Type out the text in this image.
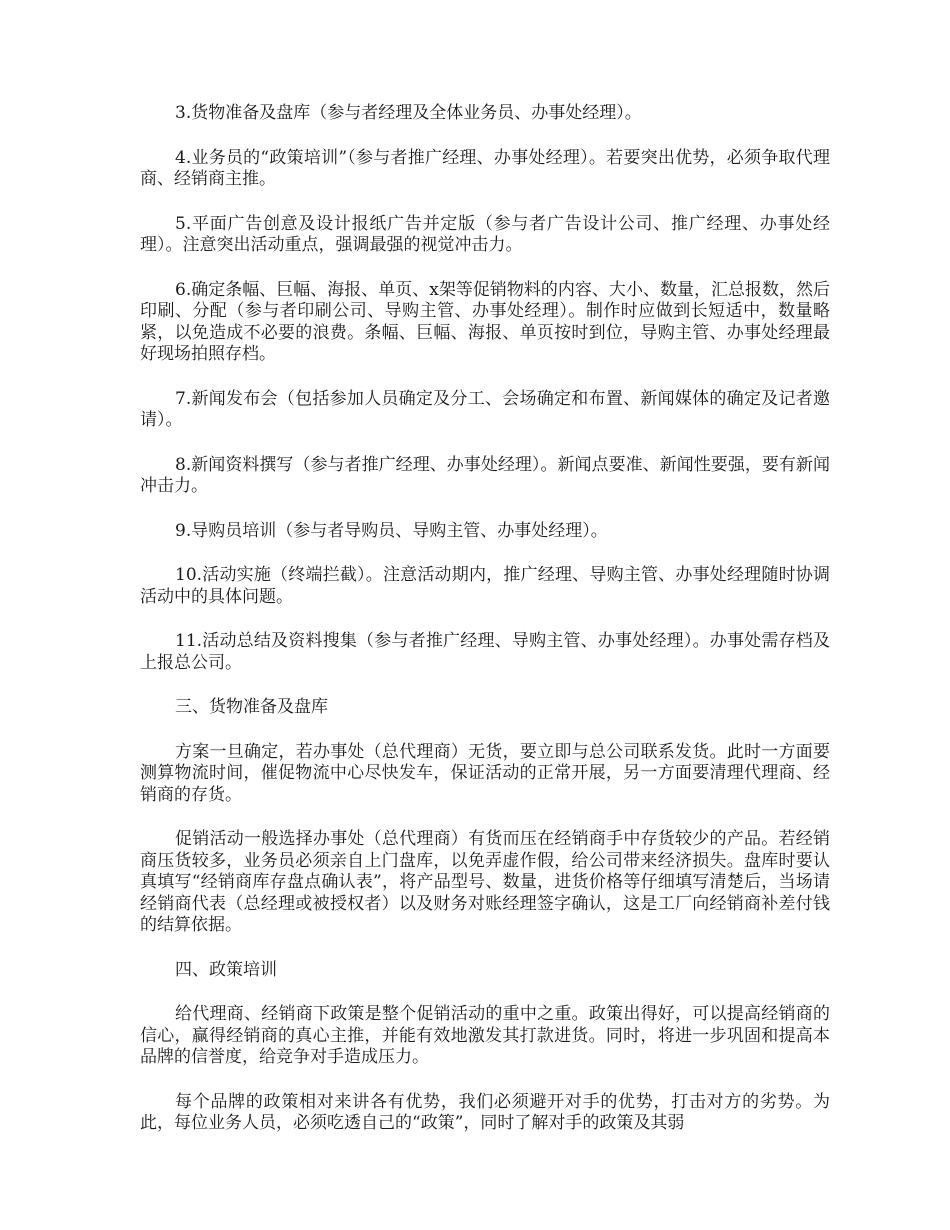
3.货物准备及盘库（参与者经理及全体业务员、办事处经理）。

4.业务员的“政策培训”（参与者推广经理、办事处经理）。若要突出优势，必须争取代理商、经销商主推。

5.平面广告创意及设计报纸广告并定版（参与者广告设计公司、推广经理、办事处经理）。注意突出活动重点，强调最强的视觉冲击力。

6.确定条幅、巨幅、海报、单页、x架等促销物料的内容、大小、数量，汇总报数，然后印刷、分配（参与者印刷公司、导购主管、办事处经理）。制作时应做到长短适中，数量略紧，以免造成不必要的浪费。条幅、巨幅、海报、单页按时到位，导购主管、办事处经理最好现场拍照存档。

7.新闻发布会（包括参加人员确定及分工、会场确定和布置、新闻媒体的确定及记者邀请）。

8.新闻资料撰写（参与者推广经理、办事处经理）。新闻点要准、新闻性要强，要有新闻冲击力。

9.导购员培训（参与者导购员、导购主管、办事处经理）。

10.活动实施（终端拦截）。注意活动期内，推广经理、导购主管、办事处经理随时协调活动中的具体问题。

11.活动总结及资料搜集（参与者推广经理、导购主管、办事处经理）。办事处需存档及上报总公司。

三、货物准备及盘库

方案一旦确定，若办事处（总代理商）无货，要立即与总公司联系发货。此时一方面要测算物流时间，催促物流中心尽快发车，保证活动的正常开展，另一方面要清理代理商、经销商的存货。

促销活动一般选择办事处（总代理商）有货而压在经销商手中存货较少的产品。若经销商压货较多，业务员必须亲自上门盘库，以免弄虚作假，给公司带来经济损失。盘库时要认真填写“经销商库存盘点确认表”，将产品型号、数量，进货价格等仔细填写清楚后，当场请经销商代表（总经理或被授权者）以及财务对账经理签字确认，这是工厂向经销商补差付钱的结算依据。

四、政策培训

给代理商、经销商下政策是整个促销活动的重中之重。政策出得好，可以提高经销商的信心，赢得经销商的真心主推，并能有效地激发其打款进货。同时，将进一步巩固和提高本品牌的信誉度，给竞争对手造成压力。

每个品牌的政策相对来讲各有优势，我们必须避开对手的优势，打击对方的劣势。为此，每位业务人员，必须吃透自己的“政策”，同时了解对手的政策及其弱
